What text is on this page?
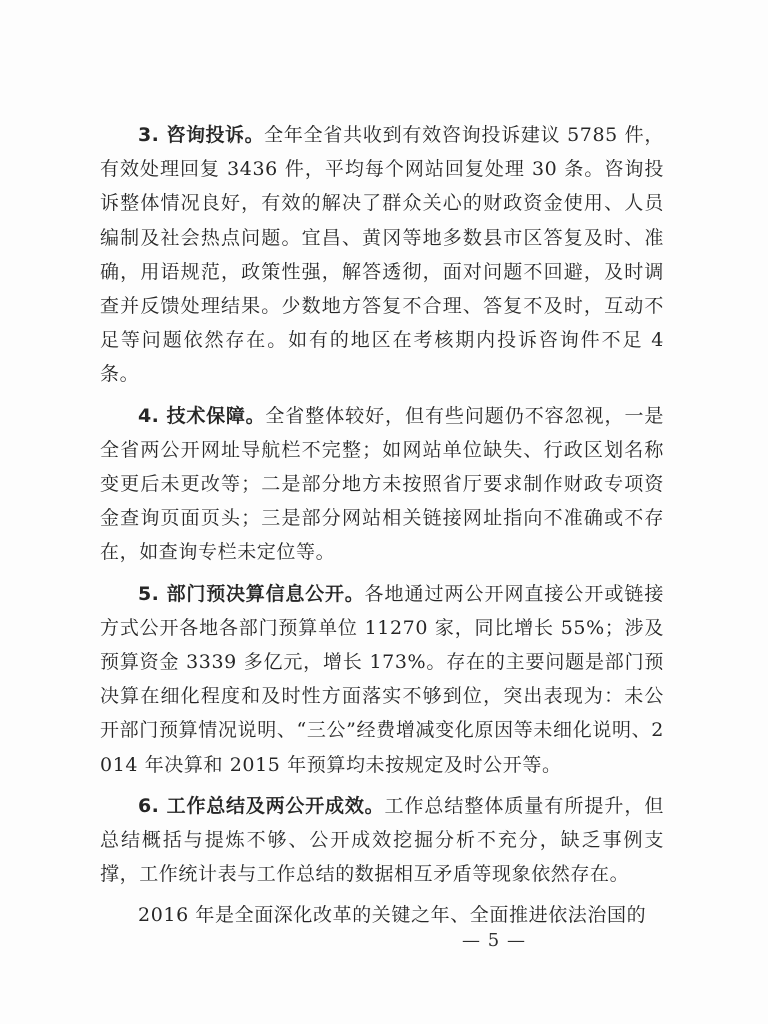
3. 咨询投诉。全年全省共收到有效咨询投诉建议 5785 件，有效处理回复 3436 件，平均每个网站回复处理 30 条。咨询投诉整体情况良好，有效的解决了群众关心的财政资金使用、人员编制及社会热点问题。宜昌、黄冈等地多数县市区答复及时、准确，用语规范，政策性强，解答透彻，面对问题不回避，及时调查并反馈处理结果。少数地方答复不合理、答复不及时，互动不足等问题依然存在。如有的地区在考核期内投诉咨询件不足 4 条。

4. 技术保障。全省整体较好，但有些问题仍不容忽视，一是全省两公开网址导航栏不完整；如网站单位缺失、行政区划名称变更后未更改等；二是部分地方未按照省厅要求制作财政专项资金查询页面页头；三是部分网站相关链接网址指向不准确或不存在，如查询专栏未定位等。

5. 部门预决算信息公开。各地通过两公开网直接公开或链接方式公开各地各部门预算单位 11270 家，同比增长 55%；涉及预算资金 3339 多亿元，增长 173%。存在的主要问题是部门预决算在细化程度和及时性方面落实不够到位，突出表现为：未公开部门预算情况说明、“三公”经费增减变化原因等未细化说明、2014 年决算和 2015 年预算均未按规定及时公开等。

6. 工作总结及两公开成效。工作总结整体质量有所提升，但总结概括与提炼不够、公开成效挖掘分析不充分，缺乏事例支撑，工作统计表与工作总结的数据相互矛盾等现象依然存在。

2016 年是全面深化改革的关键之年、全面推进依法治国的

— 5 —
